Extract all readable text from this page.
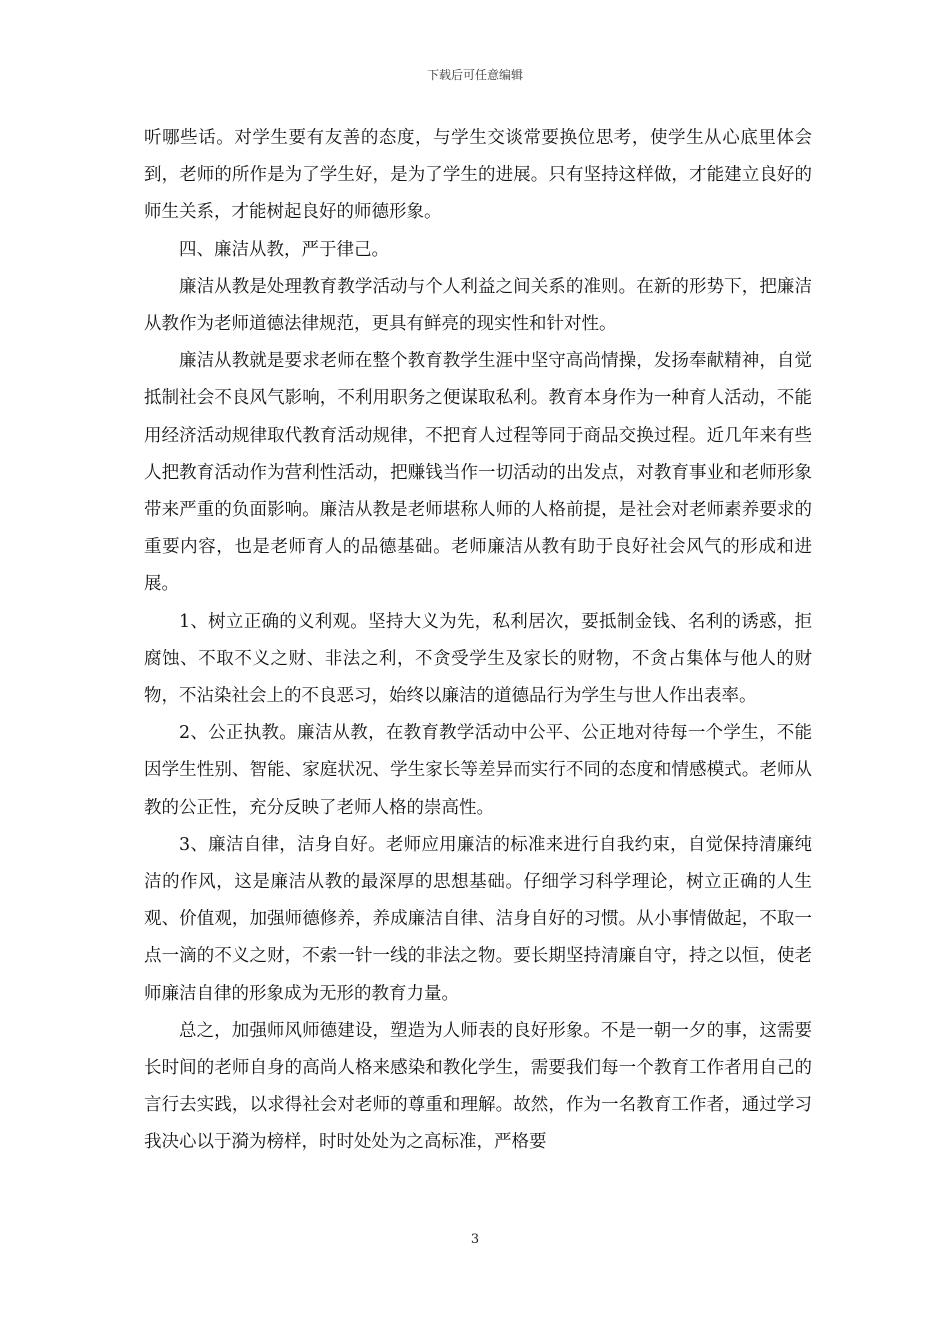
下载后可任意编辑

听哪些话。对学生要有友善的态度，与学生交谈常要换位思考，使学生从心底里体会到，老师的所作是为了学生好，是为了学生的进展。只有坚持这样做，才能建立良好的师生关系，才能树起良好的师德形象。

四、廉洁从教，严于律己。

廉洁从教是处理教育教学活动与个人利益之间关系的准则。在新的形势下，把廉洁从教作为老师道德法律规范，更具有鲜亮的现实性和针对性。

廉洁从教就是要求老师在整个教育教学生涯中坚守高尚情操，发扬奉献精神，自觉抵制社会不良风气影响，不利用职务之便谋取私利。教育本身作为一种育人活动，不能用经济活动规律取代教育活动规律，不把育人过程等同于商品交换过程。近几年来有些人把教育活动作为营利性活动，把赚钱当作一切活动的出发点，对教育事业和老师形象带来严重的负面影响。廉洁从教是老师堪称人师的人格前提，是社会对老师素养要求的重要内容，也是老师育人的品德基础。老师廉洁从教有助于良好社会风气的形成和进展。

1、树立正确的义利观。坚持大义为先，私利居次，要抵制金钱、名利的诱惑，拒腐蚀、不取不义之财、非法之利，不贪受学生及家长的财物，不贪占集体与他人的财物，不沾染社会上的不良恶习，始终以廉洁的道德品行为学生与世人作出表率。

2、公正执教。廉洁从教，在教育教学活动中公平、公正地对待每一个学生，不能因学生性别、智能、家庭状况、学生家长等差异而实行不同的态度和情感模式。老师从教的公正性，充分反映了老师人格的崇高性。

3、廉洁自律，洁身自好。老师应用廉洁的标准来进行自我约束，自觉保持清廉纯洁的作风，这是廉洁从教的最深厚的思想基础。仔细学习科学理论，树立正确的人生观、价值观，加强师德修养，养成廉洁自律、洁身自好的习惯。从小事情做起，不取一点一滴的不义之财，不索一针一线的非法之物。要长期坚持清廉自守，持之以恒，使老师廉洁自律的形象成为无形的教育力量。

总之，加强师风师德建设，塑造为人师表的良好形象。不是一朝一夕的事，这需要长时间的老师自身的高尚人格来感染和教化学生，需要我们每一个教育工作者用自己的言行去实践，以求得社会对老师的尊重和理解。故然，作为一名教育工作者，通过学习我决心以于漪为榜样，时时处处为之高标准，严格要

3
